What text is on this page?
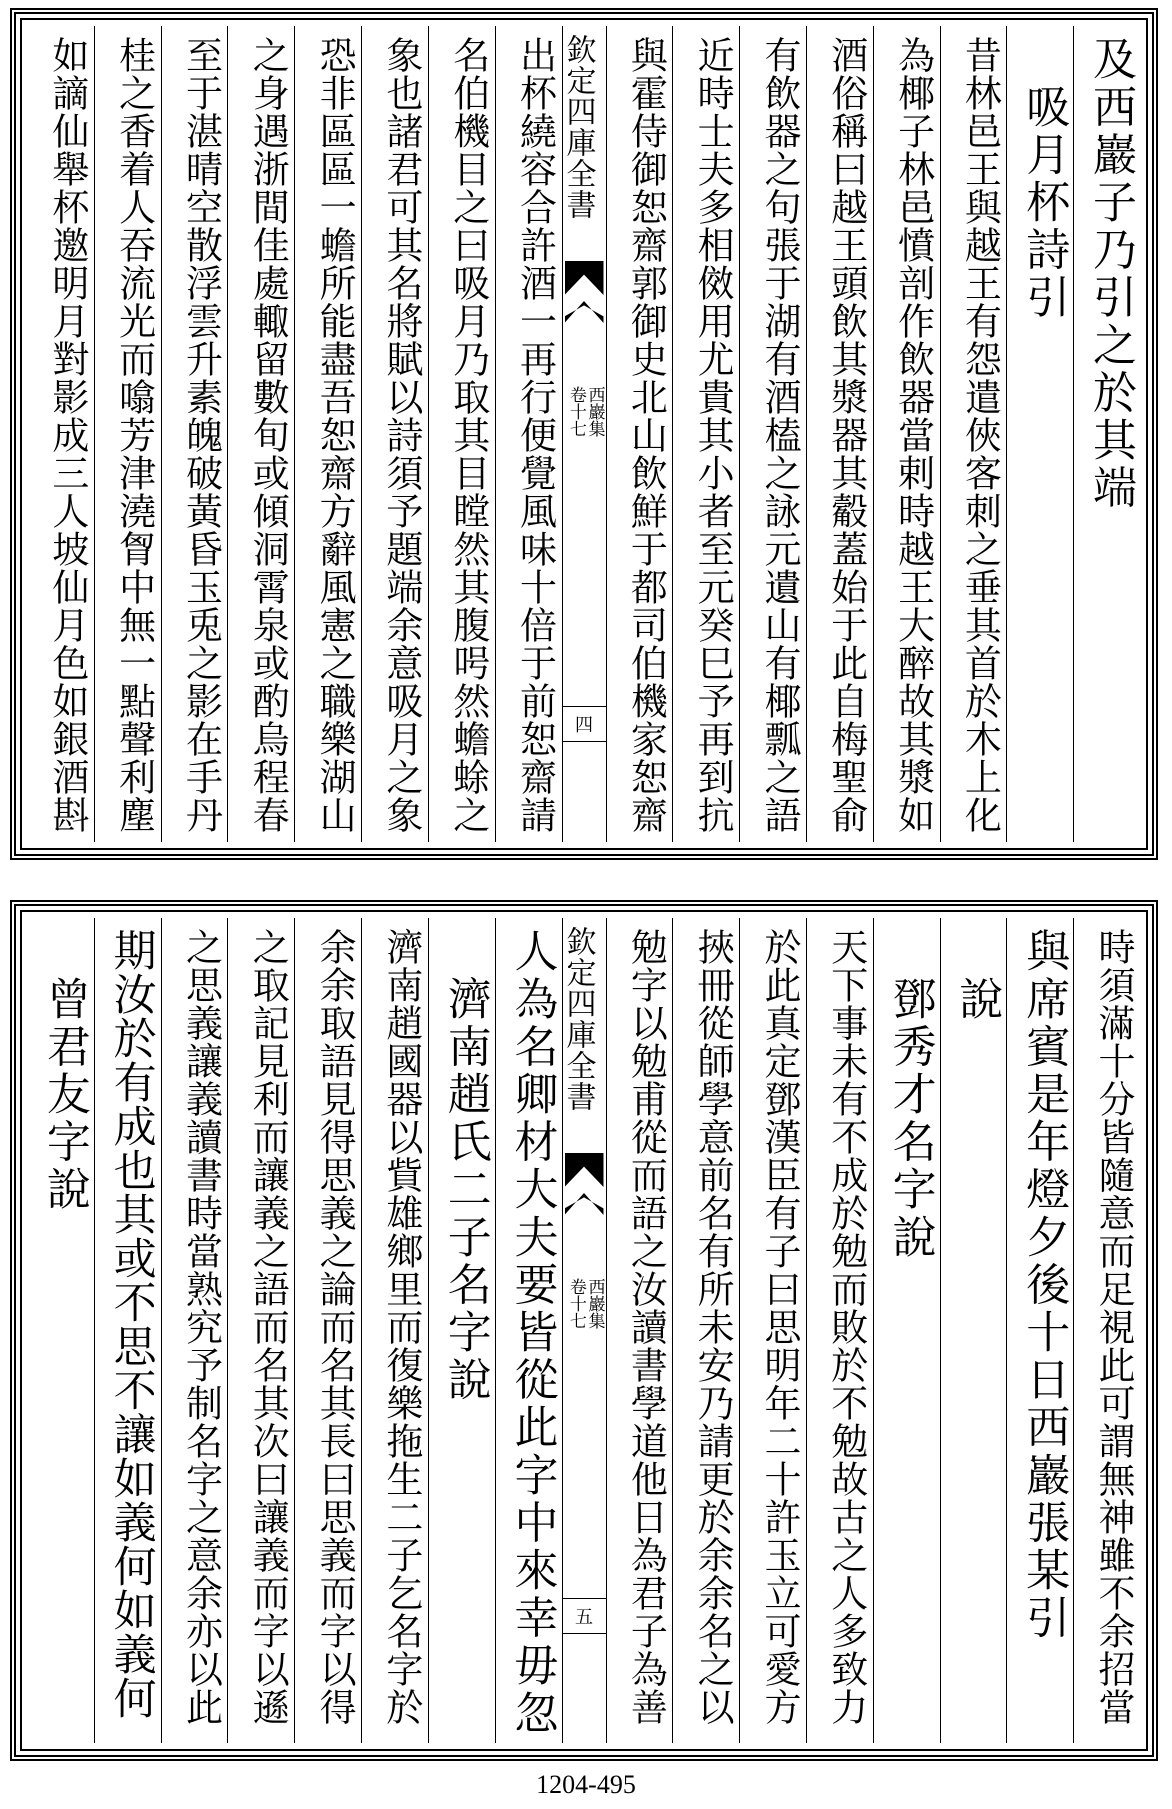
及西巖子乃引之於其端
　吸月杯詩引
昔林邑王與越王有怨遣俠客刺之垂其首於木上化
為椰子林邑憤剖作飲器當剌時越王大醉故其漿如
酒俗稱曰越王頭飲其漿器其觳蓋始于此自梅聖俞
有飲器之句張于湖有酒榼之詠元遺山有椰瓢之語
近時士夫多相傚用尤貴其小者至元癸巳予再到抗
與霍侍御恕齋郭御史北山飲鮮于都司伯機家恕齋
欽定四庫全書
西巖集
卷十七
四
出杯繞容合許酒一再行便覺風味十倍于前恕齋請
名伯機目之曰吸月乃取其目瞠然其腹呺然蟾蜍之
象也諸君可其名將賦以詩須予題端余意吸月之象
恐非區區一蟾所能盡吾恕齋方辭風憲之職樂湖山
之身遇浙間佳處輙留數旬或傾洞霄泉或酌烏程春
至于湛晴空散浮雲升素魄破黃昏玉兎之影在手丹
桂之香着人吞流光而噏芳津澆胷中無一點聲利塵
如謫仙舉杯邀明月對影成三人坡仙月色如銀酒斟
時須滿十分皆隨意而足視此可謂無神雖不余招當
與席賓是年燈夕後十日西巖張某引
　說
　鄧秀才名字說
天下事未有不成於勉而敗於不勉故古之人多致力
於此真定鄧漢臣有子曰思明年二十許玉立可愛方
挾冊從師學意前名有所未安乃請更於余余名之以
勉字以勉甫從而語之汝讀書學道他日為君子為善
欽定四庫全書
西巖集
卷十七
五
人為名卿材大夫要皆從此字中來幸毋忽
　濟南趙氏二子名字說
濟南趙國器以貲雄鄉里而復樂拖生二子乞名字於
余余取語見得思義之論而名其長曰思義而字以得
之取記見利而讓義之語而名其次曰讓義而字以遜
之思義讓義讀書時當熟究予制名字之意余亦以此
期汝於有成也其或不思不讓如義何如義何
　曾君友字說
1204-495
